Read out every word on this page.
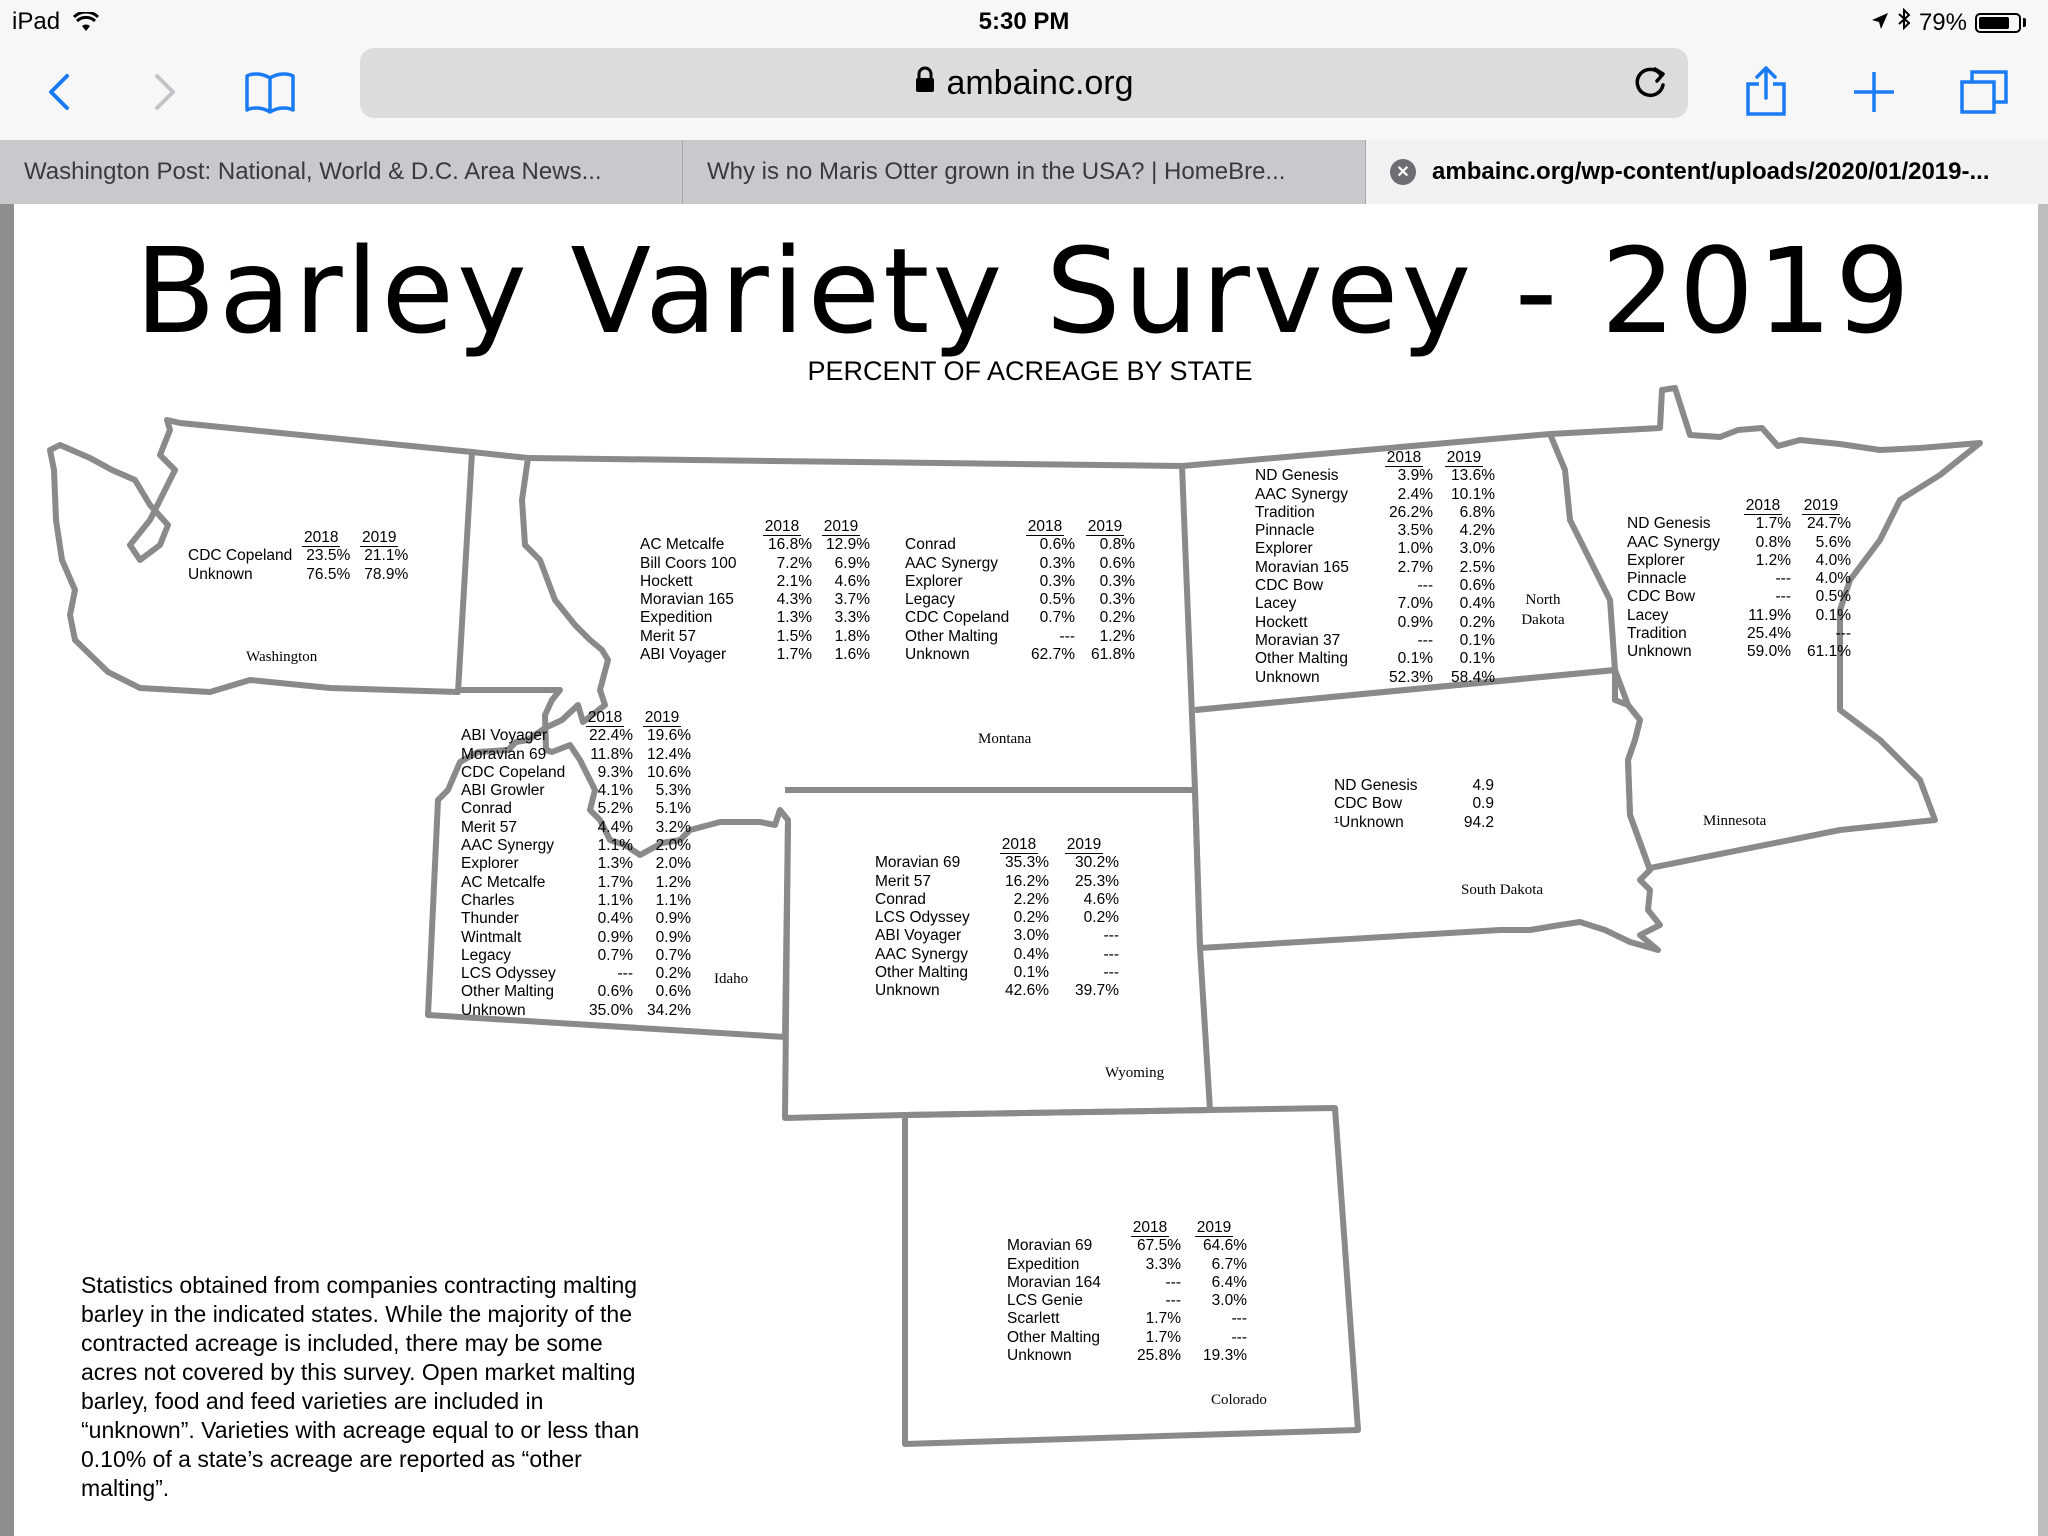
iPad	5:30 PM	79%
ambainc.org
Washington Post: National, World & D.C. Area News...	Why is no Maris Otter grown in the USA? | HomeBre...	✕ ambainc.org/wp-content/uploads/2020/01/2019-...
Barley Variety Survey - 2019
PERCENT OF ACREAGE BY STATE
Washington
Montana
North Dakota
Minnesota
Idaho
South Dakota
Wyoming
Colorado
	2018	2019
CDC Copeland	23.5%	21.1%
Unknown	76.5%	78.9%
	2018	2019
AC Metcalfe	16.8%	12.9%
Bill Coors 100	7.2%	6.9%
Hockett	2.1%	4.6%
Moravian 165	4.3%	3.7%
Expedition	1.3%	3.3%
Merit 57	1.5%	1.8%
ABI Voyager	1.7%	1.6%
	2018	2019
Conrad	0.6%	0.8%
AAC Synergy	0.3%	0.6%
Explorer	0.3%	0.3%
Legacy	0.5%	0.3%
CDC Copeland	0.7%	0.2%
Other Malting	---	1.2%
Unknown	62.7%	61.8%
	2018	2019
ND Genesis	3.9%	13.6%
AAC Synergy	2.4%	10.1%
Tradition	26.2%	6.8%
Pinnacle	3.5%	4.2%
Explorer	1.0%	3.0%
Moravian 165	2.7%	2.5%
CDC Bow	---	0.6%
Lacey	7.0%	0.4%
Hockett	0.9%	0.2%
Moravian 37	---	0.1%
Other Malting	0.1%	0.1%
Unknown	52.3%	58.4%
	2018	2019
ND Genesis	1.7%	24.7%
AAC Synergy	0.8%	5.6%
Explorer	1.2%	4.0%
Pinnacle	---	4.0%
CDC Bow	---	0.5%
Lacey	11.9%	0.1%
Tradition	25.4%	---
Unknown	59.0%	61.1%
	2018	2019
ABI Voyager	22.4%	19.6%
Moravian 69	11.8%	12.4%
CDC Copeland	9.3%	10.6%
ABI Growler	4.1%	5.3%
Conrad	5.2%	5.1%
Merit 57	4.4%	3.2%
AAC Synergy	1.1%	2.0%
Explorer	1.3%	2.0%
AC Metcalfe	1.7%	1.2%
Charles	1.1%	1.1%
Thunder	0.4%	0.9%
Wintmalt	0.9%	0.9%
Legacy	0.7%	0.7%
LCS Odyssey	---	0.2%
Other Malting	0.6%	0.6%
Unknown	35.0%	34.2%
ND Genesis	4.9
CDC Bow	0.9
¹Unknown	94.2
	2018	2019
Moravian 69	35.3%	30.2%
Merit 57	16.2%	25.3%
Conrad	2.2%	4.6%
LCS Odyssey	0.2%	0.2%
ABI Voyager	3.0%	---
AAC Synergy	0.4%	---
Other Malting	0.1%	---
Unknown	42.6%	39.7%
	2018	2019
Moravian 69	67.5%	64.6%
Expedition	3.3%	6.7%
Moravian 164	---	6.4%
LCS Genie	---	3.0%
Scarlett	1.7%	---
Other Malting	1.7%	---
Unknown	25.8%	19.3%
Statistics obtained from companies contracting malting barley in the indicated states. While the majority of the contracted acreage is included, there may be some acres not covered by this survey. Open market malting barley, food and feed varieties are included in “unknown”. Varieties with acreage equal to or less than 0.10% of a state’s acreage are reported as “other malting”.
